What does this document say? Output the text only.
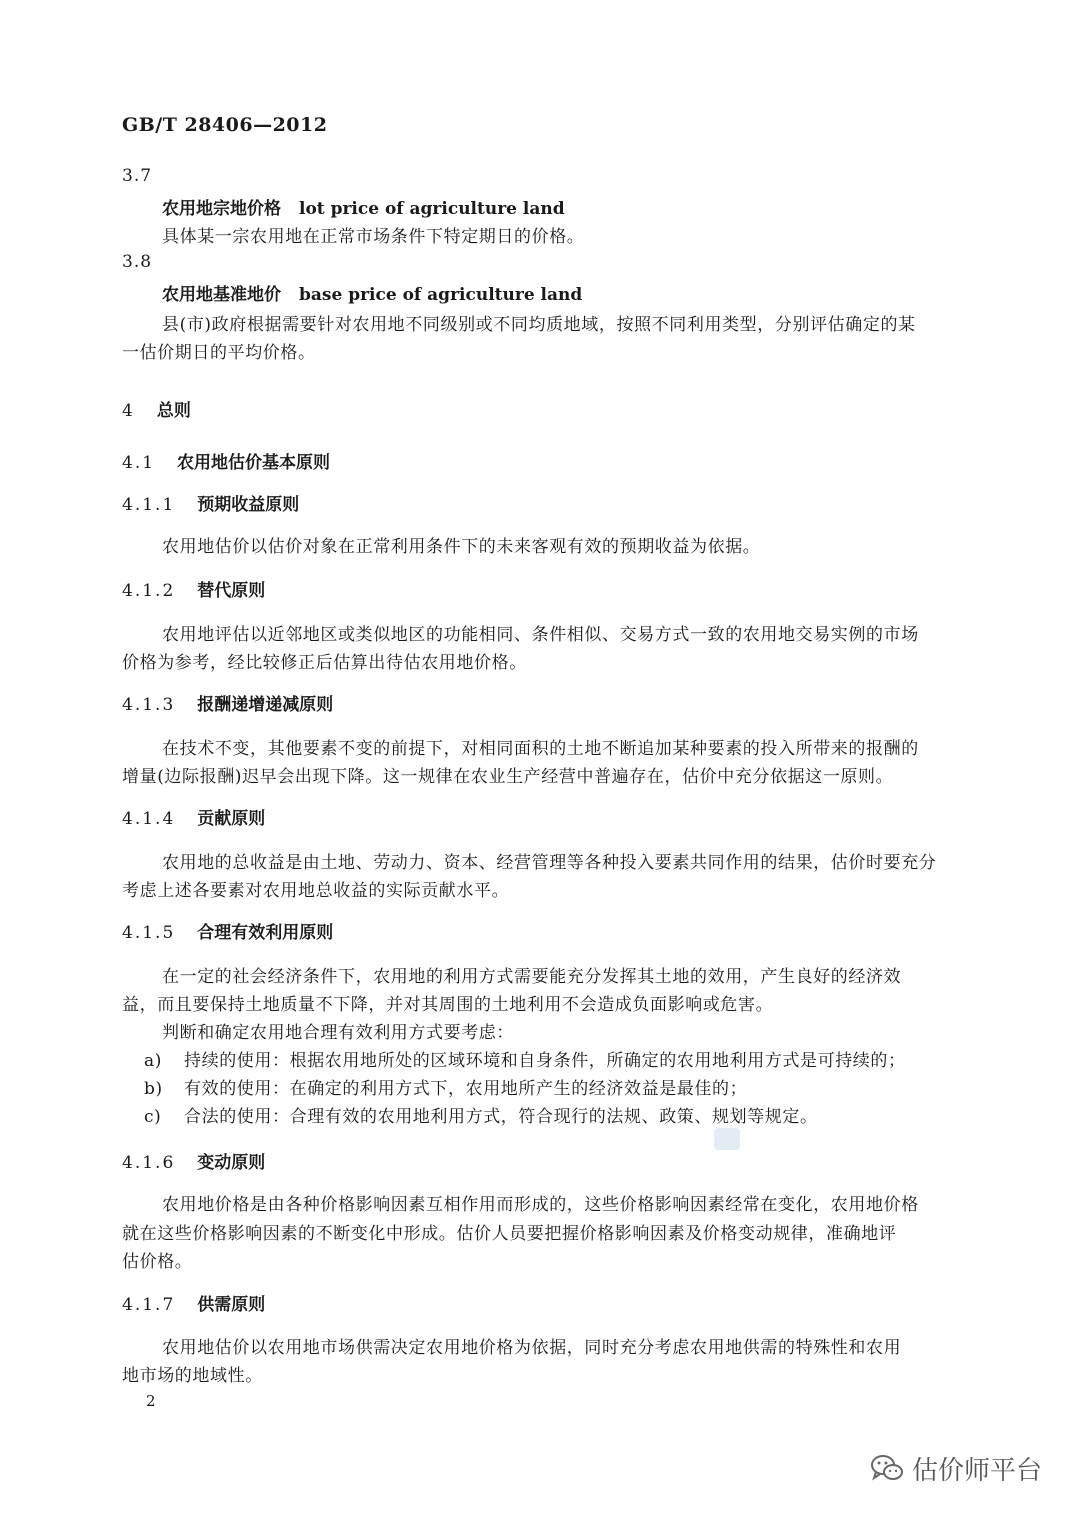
GB/T 28406—2012
3.7
农用地宗地价格 lot price of agriculture land
具体某一宗农用地在正常市场条件下特定期日的价格。
3.8
农用地基准地价 base price of agriculture land
县(市)政府根据需要针对农用地不同级别或不同均质地域，按照不同利用类型，分别评估确定的某
一估价期日的平均价格。
4 总则
4.1 农用地估价基本原则
4.1.1 预期收益原则
农用地估价以估价对象在正常利用条件下的未来客观有效的预期收益为依据。
4.1.2 替代原则
农用地评估以近邻地区或类似地区的功能相同、条件相似、交易方式一致的农用地交易实例的市场
价格为参考，经比较修正后估算出待估农用地价格。
4.1.3 报酬递增递减原则
在技术不变，其他要素不变的前提下，对相同面积的土地不断追加某种要素的投入所带来的报酬的
增量(边际报酬)迟早会出现下降。这一规律在农业生产经营中普遍存在，估价中充分依据这一原则。
4.1.4 贡献原则
农用地的总收益是由土地、劳动力、资本、经营管理等各种投入要素共同作用的结果，估价时要充分
考虑上述各要素对农用地总收益的实际贡献水平。
4.1.5 合理有效利用原则
在一定的社会经济条件下，农用地的利用方式需要能充分发挥其土地的效用，产生良好的经济效
益，而且要保持土地质量不下降，并对其周围的土地利用不会造成负面影响或危害。
判断和确定农用地合理有效利用方式要考虑：
a) 持续的使用：根据农用地所处的区域环境和自身条件，所确定的农用地利用方式是可持续的；
b) 有效的使用：在确定的利用方式下，农用地所产生的经济效益是最佳的；
c) 合法的使用：合理有效的农用地利用方式，符合现行的法规、政策、规划等规定。
4.1.6 变动原则
农用地价格是由各种价格影响因素互相作用而形成的，这些价格影响因素经常在变化，农用地价格
就在这些价格影响因素的不断变化中形成。估价人员要把握价格影响因素及价格变动规律，准确地评
估价格。
4.1.7 供需原则
农用地估价以农用地市场供需决定农用地价格为依据，同时充分考虑农用地供需的特殊性和农用
地市场的地域性。
2
估价师平台
